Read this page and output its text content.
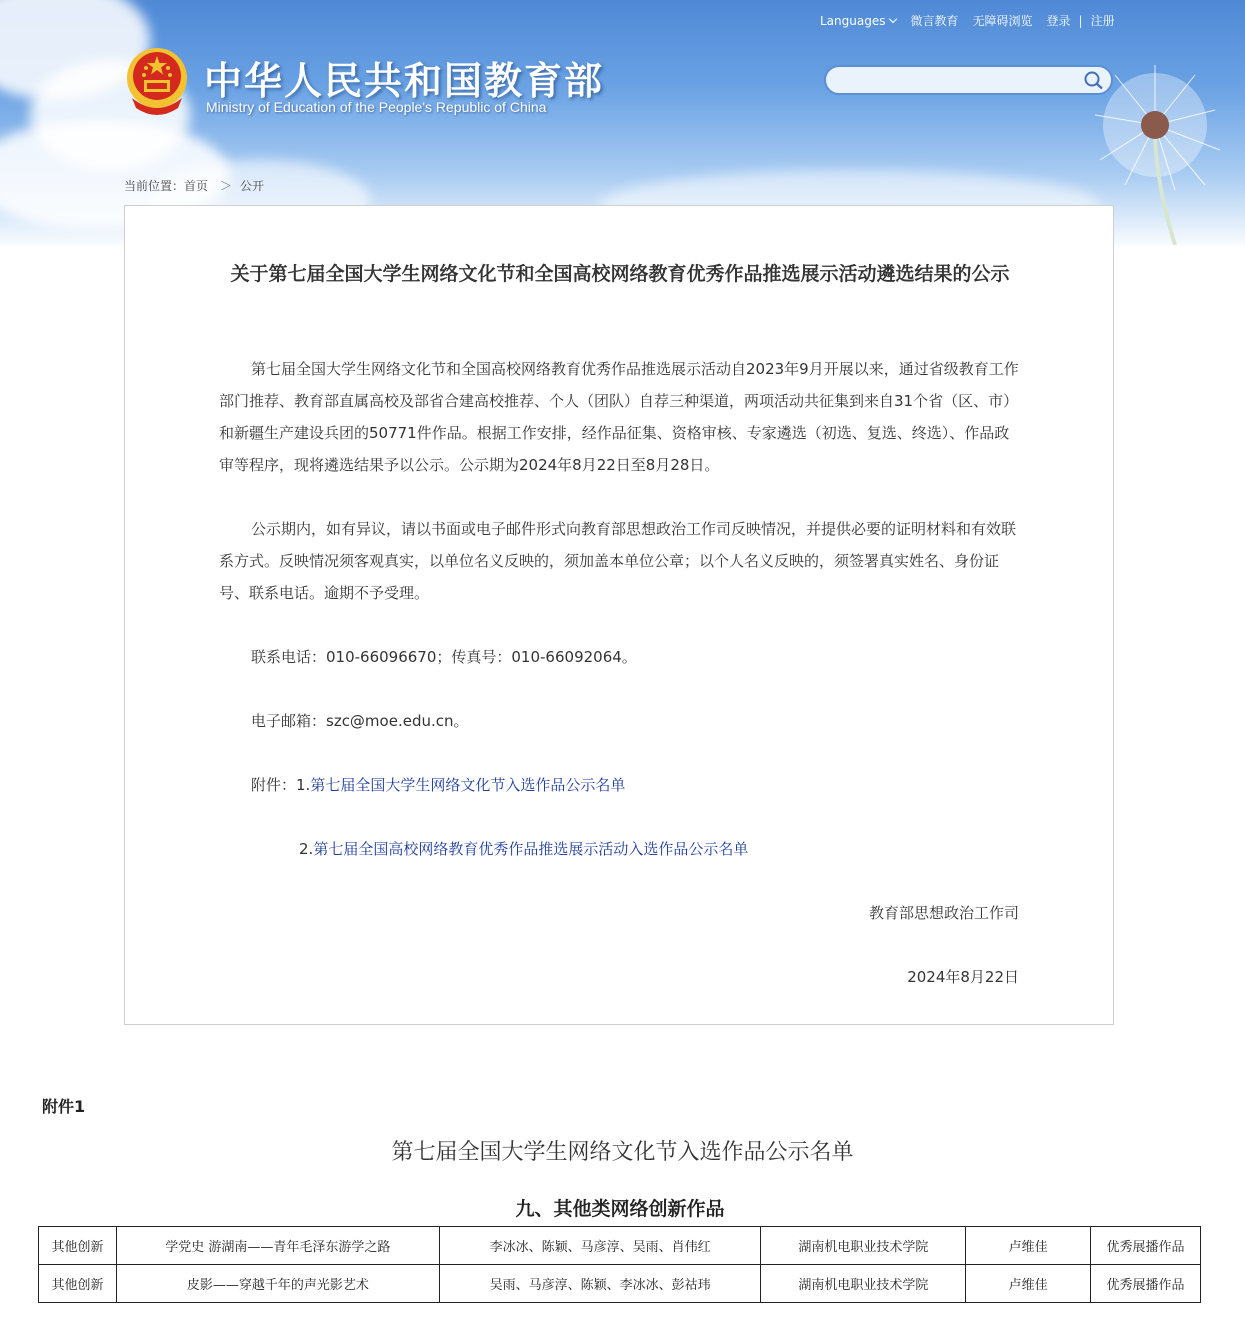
中华人民共和国教育部
Ministry of Education of the People's Republic of China
Languages	微言教育 无障碍浏览 登录 | 注册
当前位置：首页 ＞ 公开
关于第七届全国大学生网络文化节和全国高校网络教育优秀作品推选展示活动遴选结果的公示
第七届全国大学生网络文化节和全国高校网络教育优秀作品推选展示活动自2023年9月开展以来，通过省级教育工作部门推荐、教育部直属高校及部省合建高校推荐、个人（团队）自荐三种渠道，两项活动共征集到来自31个省（区、市）和新疆生产建设兵团的50771件作品。根据工作安排，经作品征集、资格审核、专家遴选（初选、复选、终选）、作品政审等程序，现将遴选结果予以公示。公示期为2024年8月22日至8月28日。
公示期内，如有异议，请以书面或电子邮件形式向教育部思想政治工作司反映情况，并提供必要的证明材料和有效联系方式。反映情况须客观真实，以单位名义反映的，须加盖本单位公章；以个人名义反映的，须签署真实姓名、身份证号、联系电话。逾期不予受理。
联系电话：010-66096670；传真号：010-66092064。
电子邮箱：szc@moe.edu.cn。
附件：1.第七届全国大学生网络文化节入选作品公示名单
2.第七届全国高校网络教育优秀作品推选展示活动入选作品公示名单
教育部思想政治工作司
2024年8月22日
附件1
第七届全国大学生网络文化节入选作品公示名单
九、其他类网络创新作品
其他创新	学党史 游湖南——青年毛泽东游学之路	李冰冰、陈颖、马彦淳、吴雨、肖伟红	湖南机电职业技术学院	卢维佳	优秀展播作品
其他创新	皮影——穿越千年的声光影艺术	吴雨、马彦淳、陈颖、李冰冰、彭祜玮	湖南机电职业技术学院	卢维佳	优秀展播作品
